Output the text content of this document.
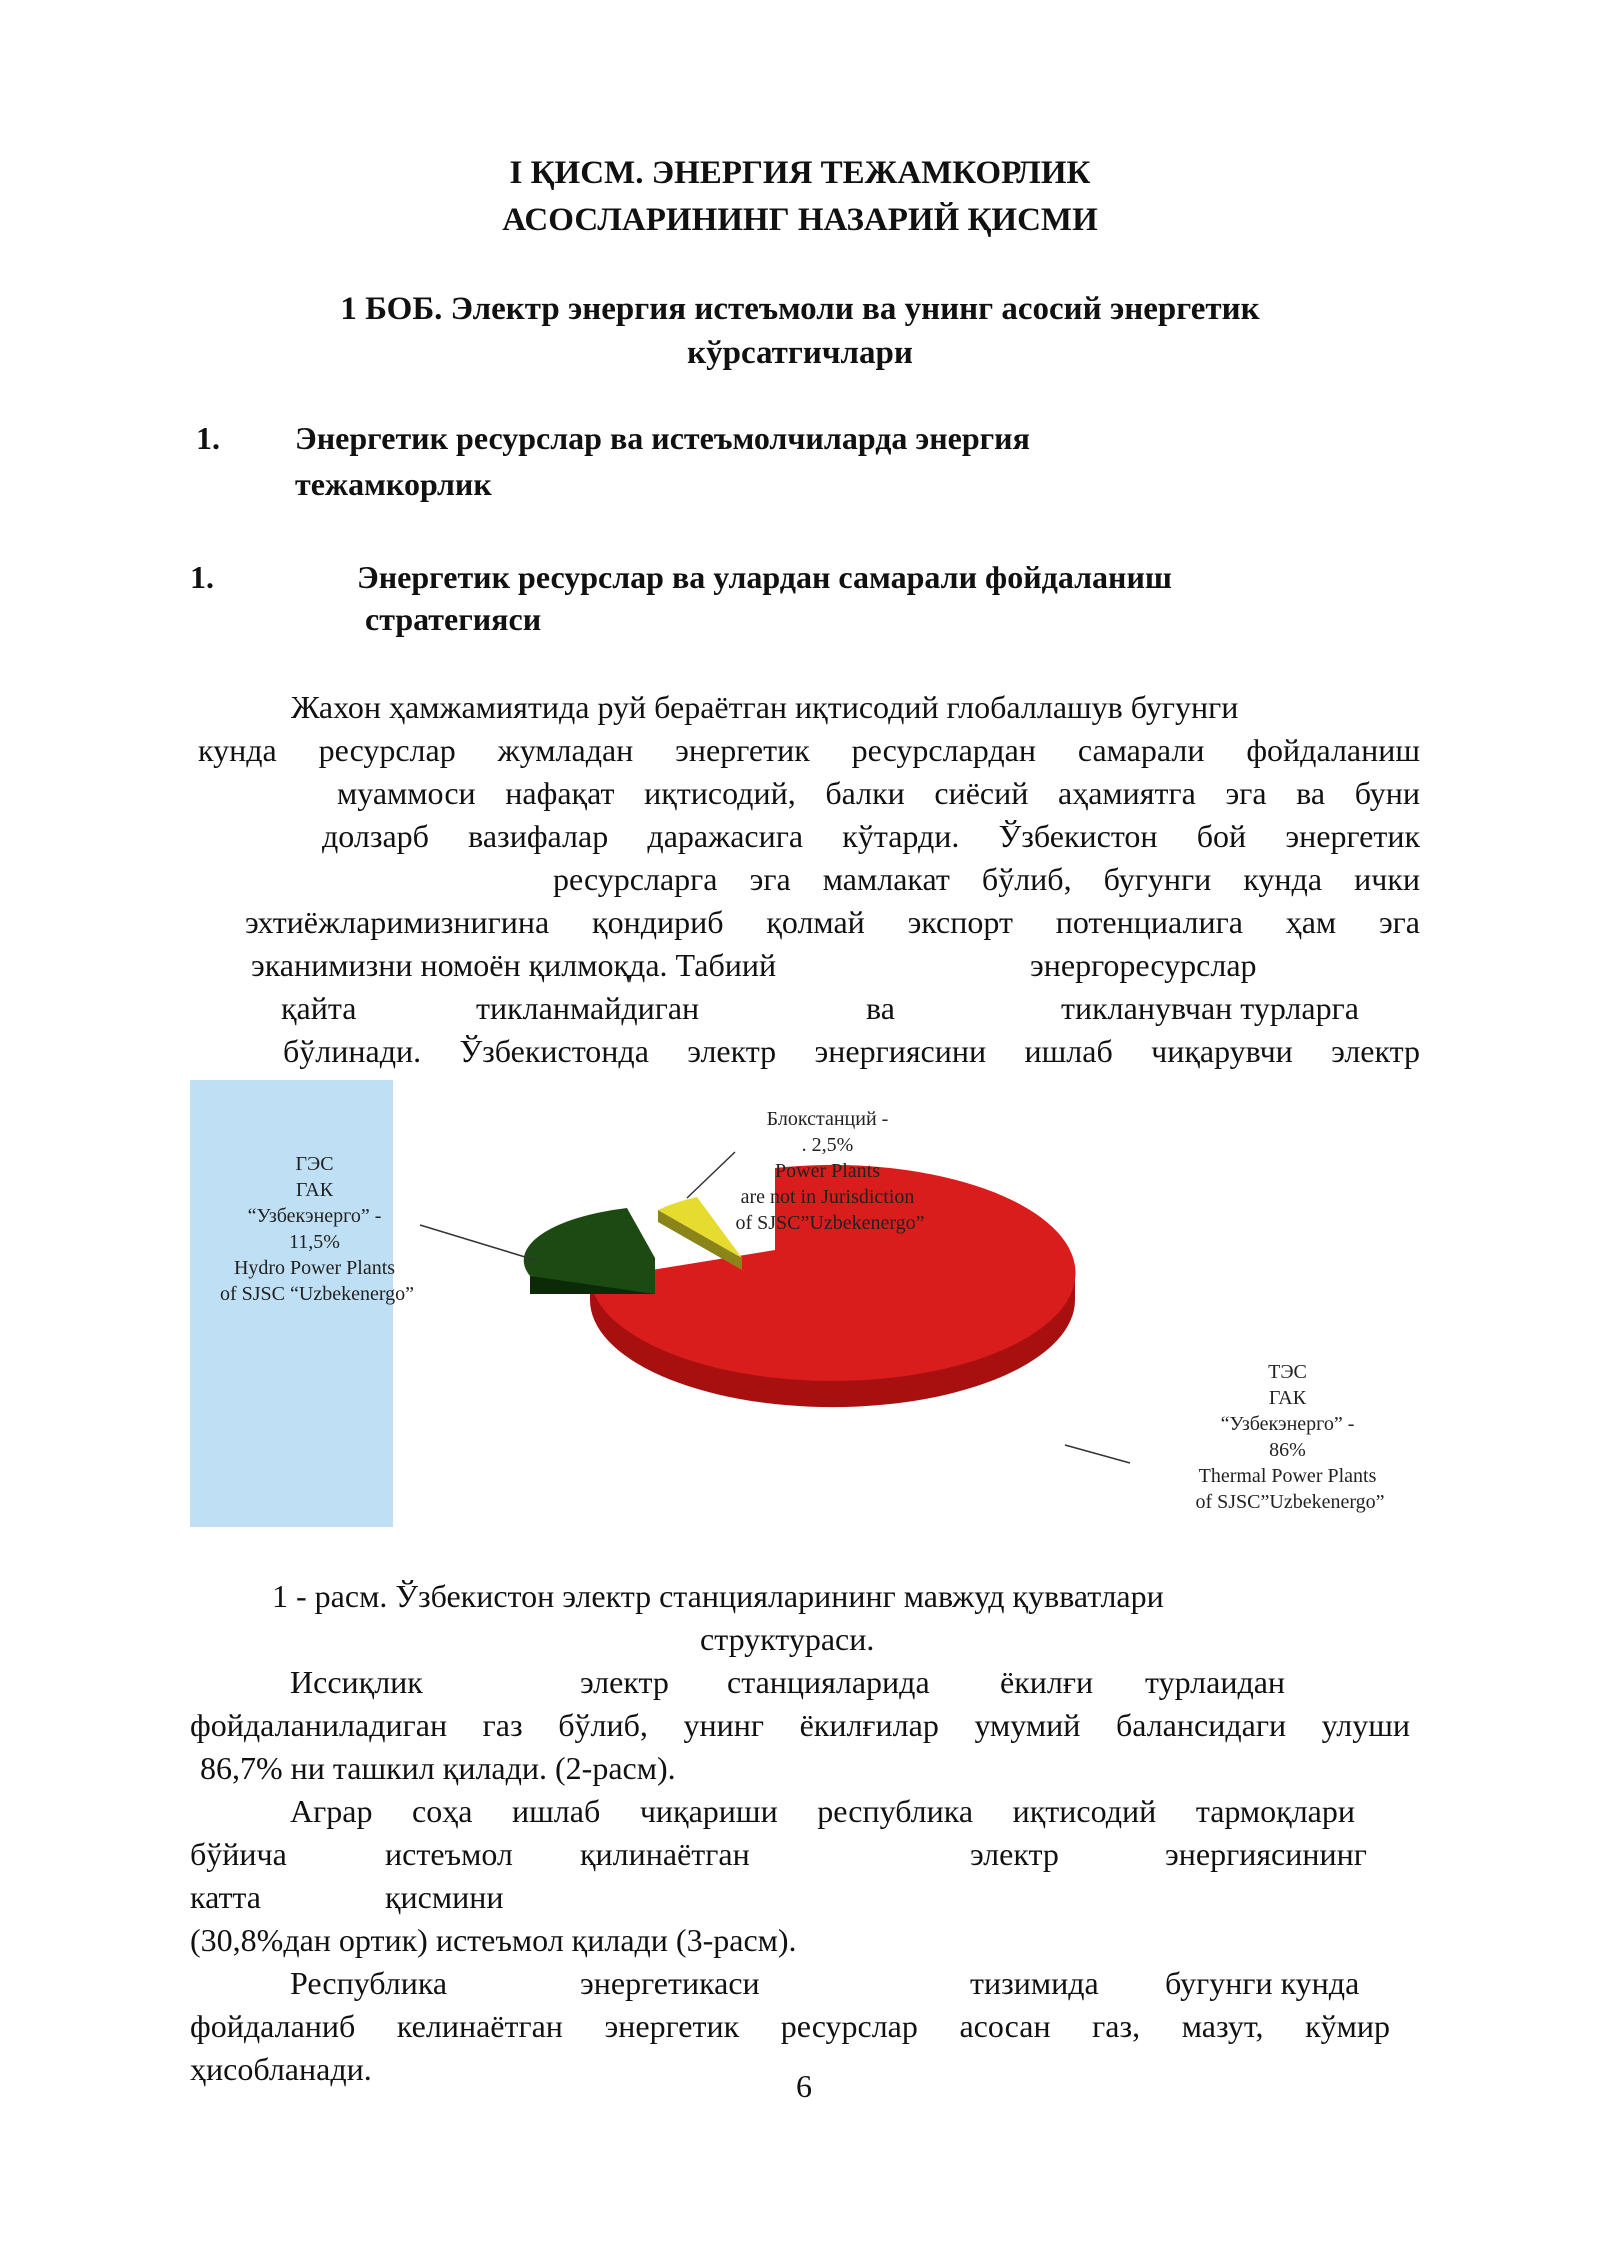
I ҚИСМ. ЭНЕРГИЯ ТЕЖАМКОРЛИК
АСОСЛАРИНИНГ НАЗАРИЙ ҚИСМИ
1 БОБ. Электр энергия истеъмоли ва унинг асосий энергетик
кўрсатгичлари
1. Энергетик ресурслар ва истеъмолчиларда энергия
тежамкорлик
1.	Энергетик ресурслар ва улардан самарали фойдаланиш
стратегияси
Жахон ҳамжамиятида руй бераётган иқтисодий глобаллашув бугунги
кунда ресурслар жумладан энергетик ресурслардан самарали фойдаланиш
муаммоси нафақат иқтисодий, балки сиёсий аҳамиятга эга ва буни
долзарб вазифалар даражасига кўтарди. Ўзбекистон бой энергетик
ресурсларга эга мамлакат бўлиб, бугунги кунда ички
эхтиёжларимизнигина қондириб қолмай экспорт потенциалига ҳам эга
эканимизни номоён қилмоқда. Табиий	энергоресурслар
қайта	тикланмайдиган	ва	тикланувчан турларга
бўлинади. Ўзбекистонда электр энергиясини ишлаб чиқарувчи электр
ГЭС ГАК “Узбекэнерго” - 11,5% Hydro Power Plants of SJSC “Uzbekenergo”
Блокстанций - . 2,5% Power Plants are not in Jurisdiction of SJSC”Uzbekenergo”
ТЭС ГАК “Узбекэнерго” - 86% Thermal Power Plants of SJSC”Uzbekenergo”
1 - расм. Ўзбекистон электр станцияларининг мавжуд қувватлари
структураси.
Иссиқлик	электр станцияларида ёкилғи турлаидан
фойдаланиладиган газ бўлиб, унинг ёкилғилар умумий балансидаги улуши
86,7% ни ташкил қилади. (2-расм).
Аграр соҳа ишлаб чиқариши республика иқтисодий тармоқлари
бўйича	истеъмол қилинаётган	электр	энергиясининг
катта	қисмини
(30,8%дан ортик) истеъмол қилади (3-расм).
Республика	энергетикаси	тизимида бугунги кунда
фойдаланиб келинаётган энергетик ресурслар асосан газ, мазут, кўмир
ҳисобланади.	6
